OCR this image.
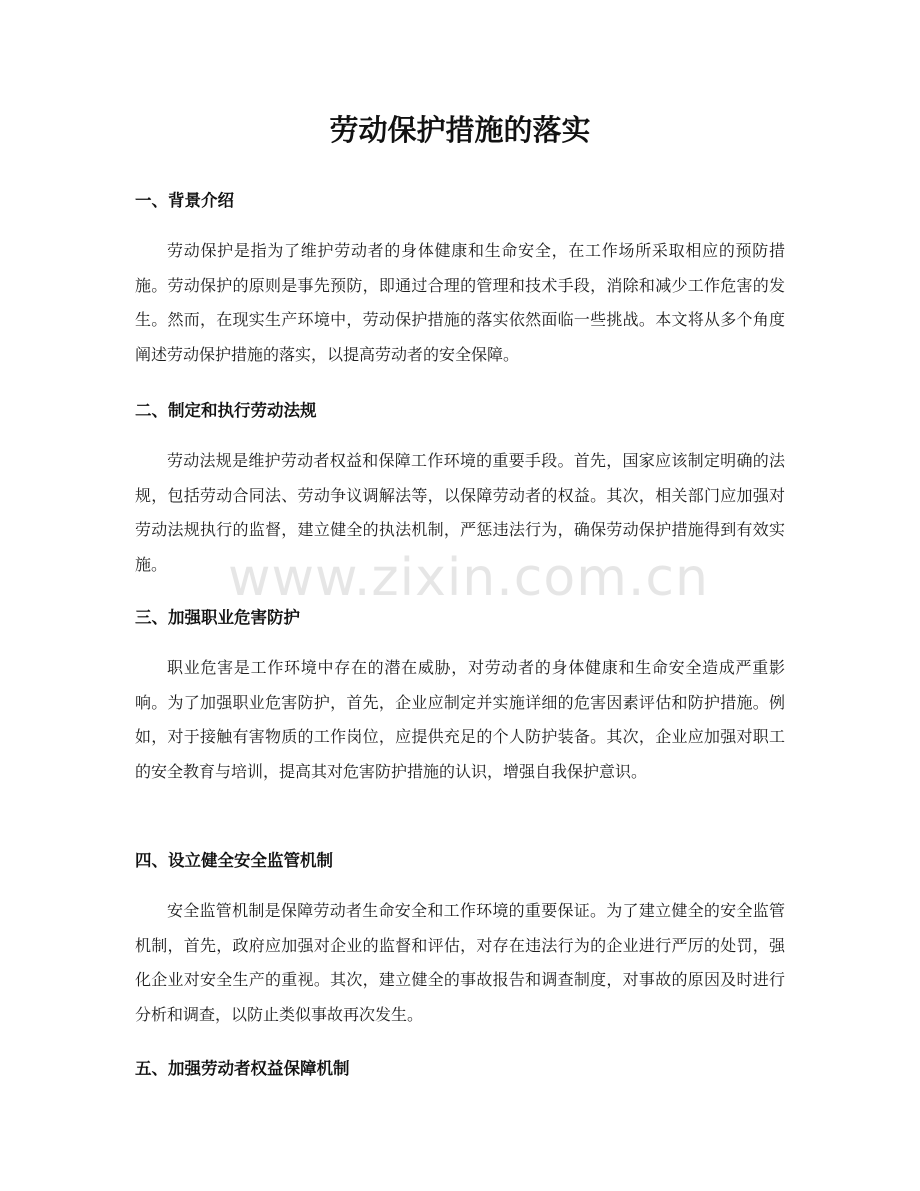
劳动保护措施的落实
一、背景介绍

劳动保护是指为了维护劳动者的身体健康和生命安全，在工作场所采取相应的预防措施。劳动保护的原则是事先预防，即通过合理的管理和技术手段，消除和减少工作危害的发生。然而，在现实生产环境中，劳动保护措施的落实依然面临一些挑战。本文将从多个角度阐述劳动保护措施的落实，以提高劳动者的安全保障。

二、制定和执行劳动法规

劳动法规是维护劳动者权益和保障工作环境的重要手段。首先，国家应该制定明确的法规，包括劳动合同法、劳动争议调解法等，以保障劳动者的权益。其次，相关部门应加强对劳动法规执行的监督，建立健全的执法机制，严惩违法行为，确保劳动保护措施得到有效实施。

三、加强职业危害防护

职业危害是工作环境中存在的潜在威胁，对劳动者的身体健康和生命安全造成严重影响。为了加强职业危害防护，首先，企业应制定并实施详细的危害因素评估和防护措施。例如，对于接触有害物质的工作岗位，应提供充足的个人防护装备。其次，企业应加强对职工的安全教育与培训，提高其对危害防护措施的认识，增强自我保护意识。

四、设立健全安全监管机制

安全监管机制是保障劳动者生命安全和工作环境的重要保证。为了建立健全的安全监管机制，首先，政府应加强对企业的监督和评估，对存在违法行为的企业进行严厉的处罚，强化企业对安全生产的重视。其次，建立健全的事故报告和调查制度，对事故的原因及时进行分析和调查，以防止类似事故再次发生。

五、加强劳动者权益保障机制
www.zixin.com.cn
